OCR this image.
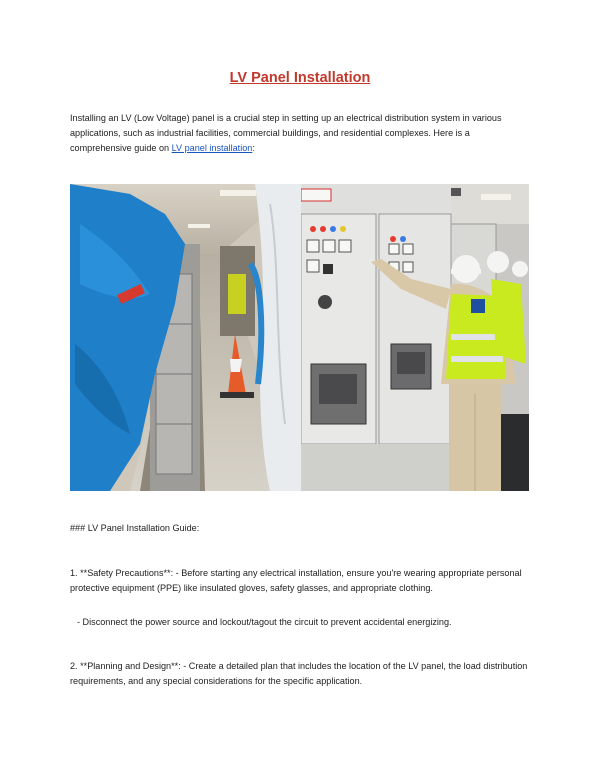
LV Panel Installation
Installing an LV (Low Voltage) panel is a crucial step in setting up an electrical distribution system in various applications, such as industrial facilities, commercial buildings, and residential complexes. Here is a comprehensive guide on LV panel installation:
### LV Panel Installation Guide:
1. **Safety Precautions**: - Before starting any electrical installation, ensure you're wearing appropriate personal protective equipment (PPE) like insulated gloves, safety glasses, and appropriate clothing.
- Disconnect the power source and lockout/tagout the circuit to prevent accidental energizing.
2. **Planning and Design**: - Create a detailed plan that includes the location of the LV panel, the load distribution requirements, and any special considerations for the specific application.
